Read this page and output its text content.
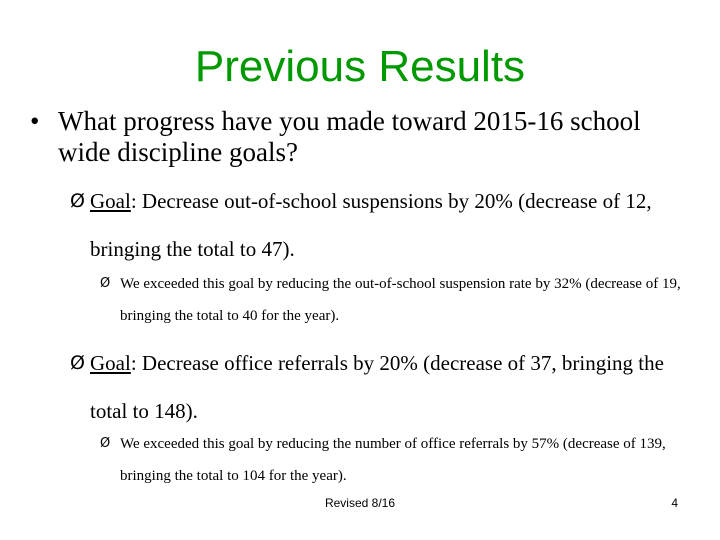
Previous Results
• What progress have you made toward 2015-16 school wide discipline goals?
Ø Goal: Decrease out-of-school suspensions by 20% (decrease of 12, bringing the total to 47).
Ø We exceeded this goal by reducing the out-of-school suspension rate by 32% (decrease of 19, bringing the total to 40 for the year).
Ø Goal: Decrease office referrals by 20% (decrease of 37, bringing the total to 148).
Ø We exceeded this goal by reducing the number of office referrals by 57% (decrease of 139, bringing the total to 104 for the year).
Revised 8/16	4
